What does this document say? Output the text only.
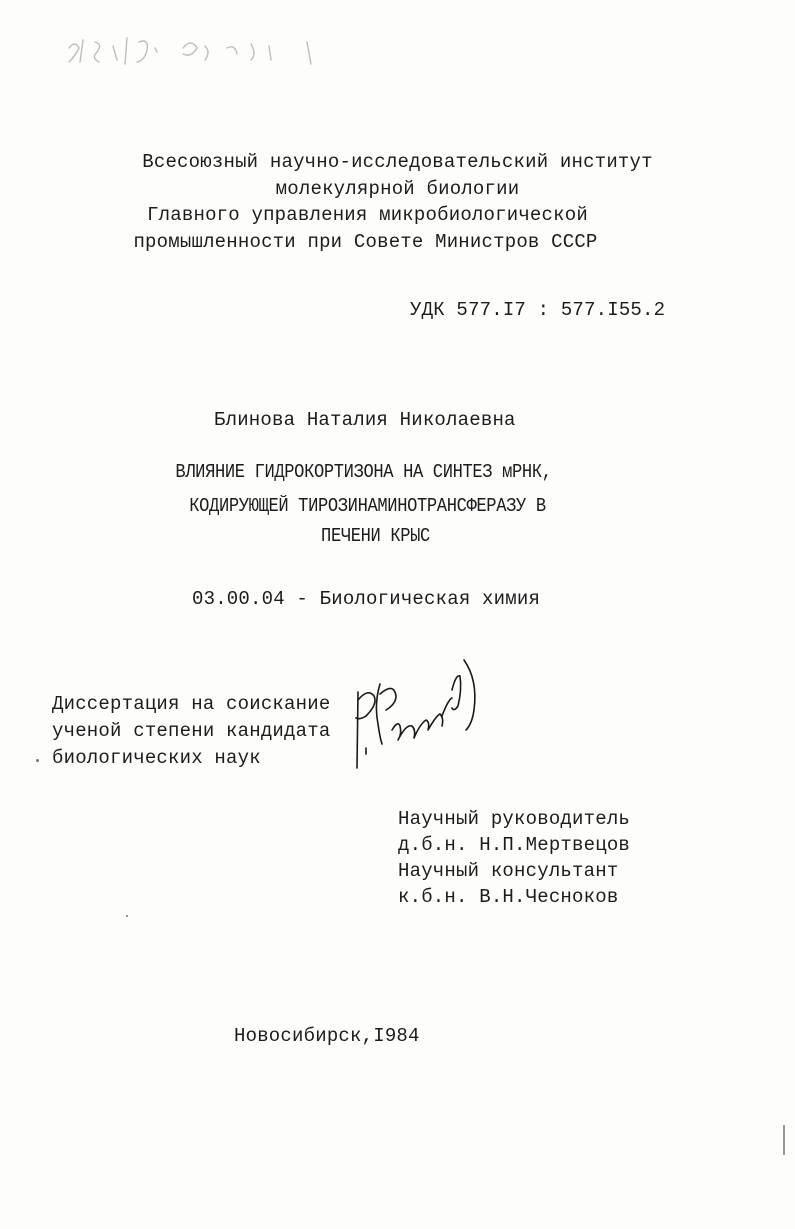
Всесоюзный научно-исследовательский институт
молекулярной биологии
Главного управления микробиологической
промышленности при Совете Министров СССР
УДК 577.I7 : 577.I55.2
Блинова Наталия Николаевна
ВЛИЯНИЕ ГИДРОКОРТИЗОНА НА СИНТЕЗ мРНК,
КОДИРУЮЩЕЙ ТИРОЗИНАМИНОТРАНСФЕРАЗУ В
ПЕЧЕНИ КРЫС
03.00.04 - Биологическая химия
Диссертация на соискание
ученой степени кандидата
биологических наук
Научный руководитель
д.б.н. Н.П.Мертвецов
Научный консультант
к.б.н. В.Н.Чесноков
Новосибирск,I984
